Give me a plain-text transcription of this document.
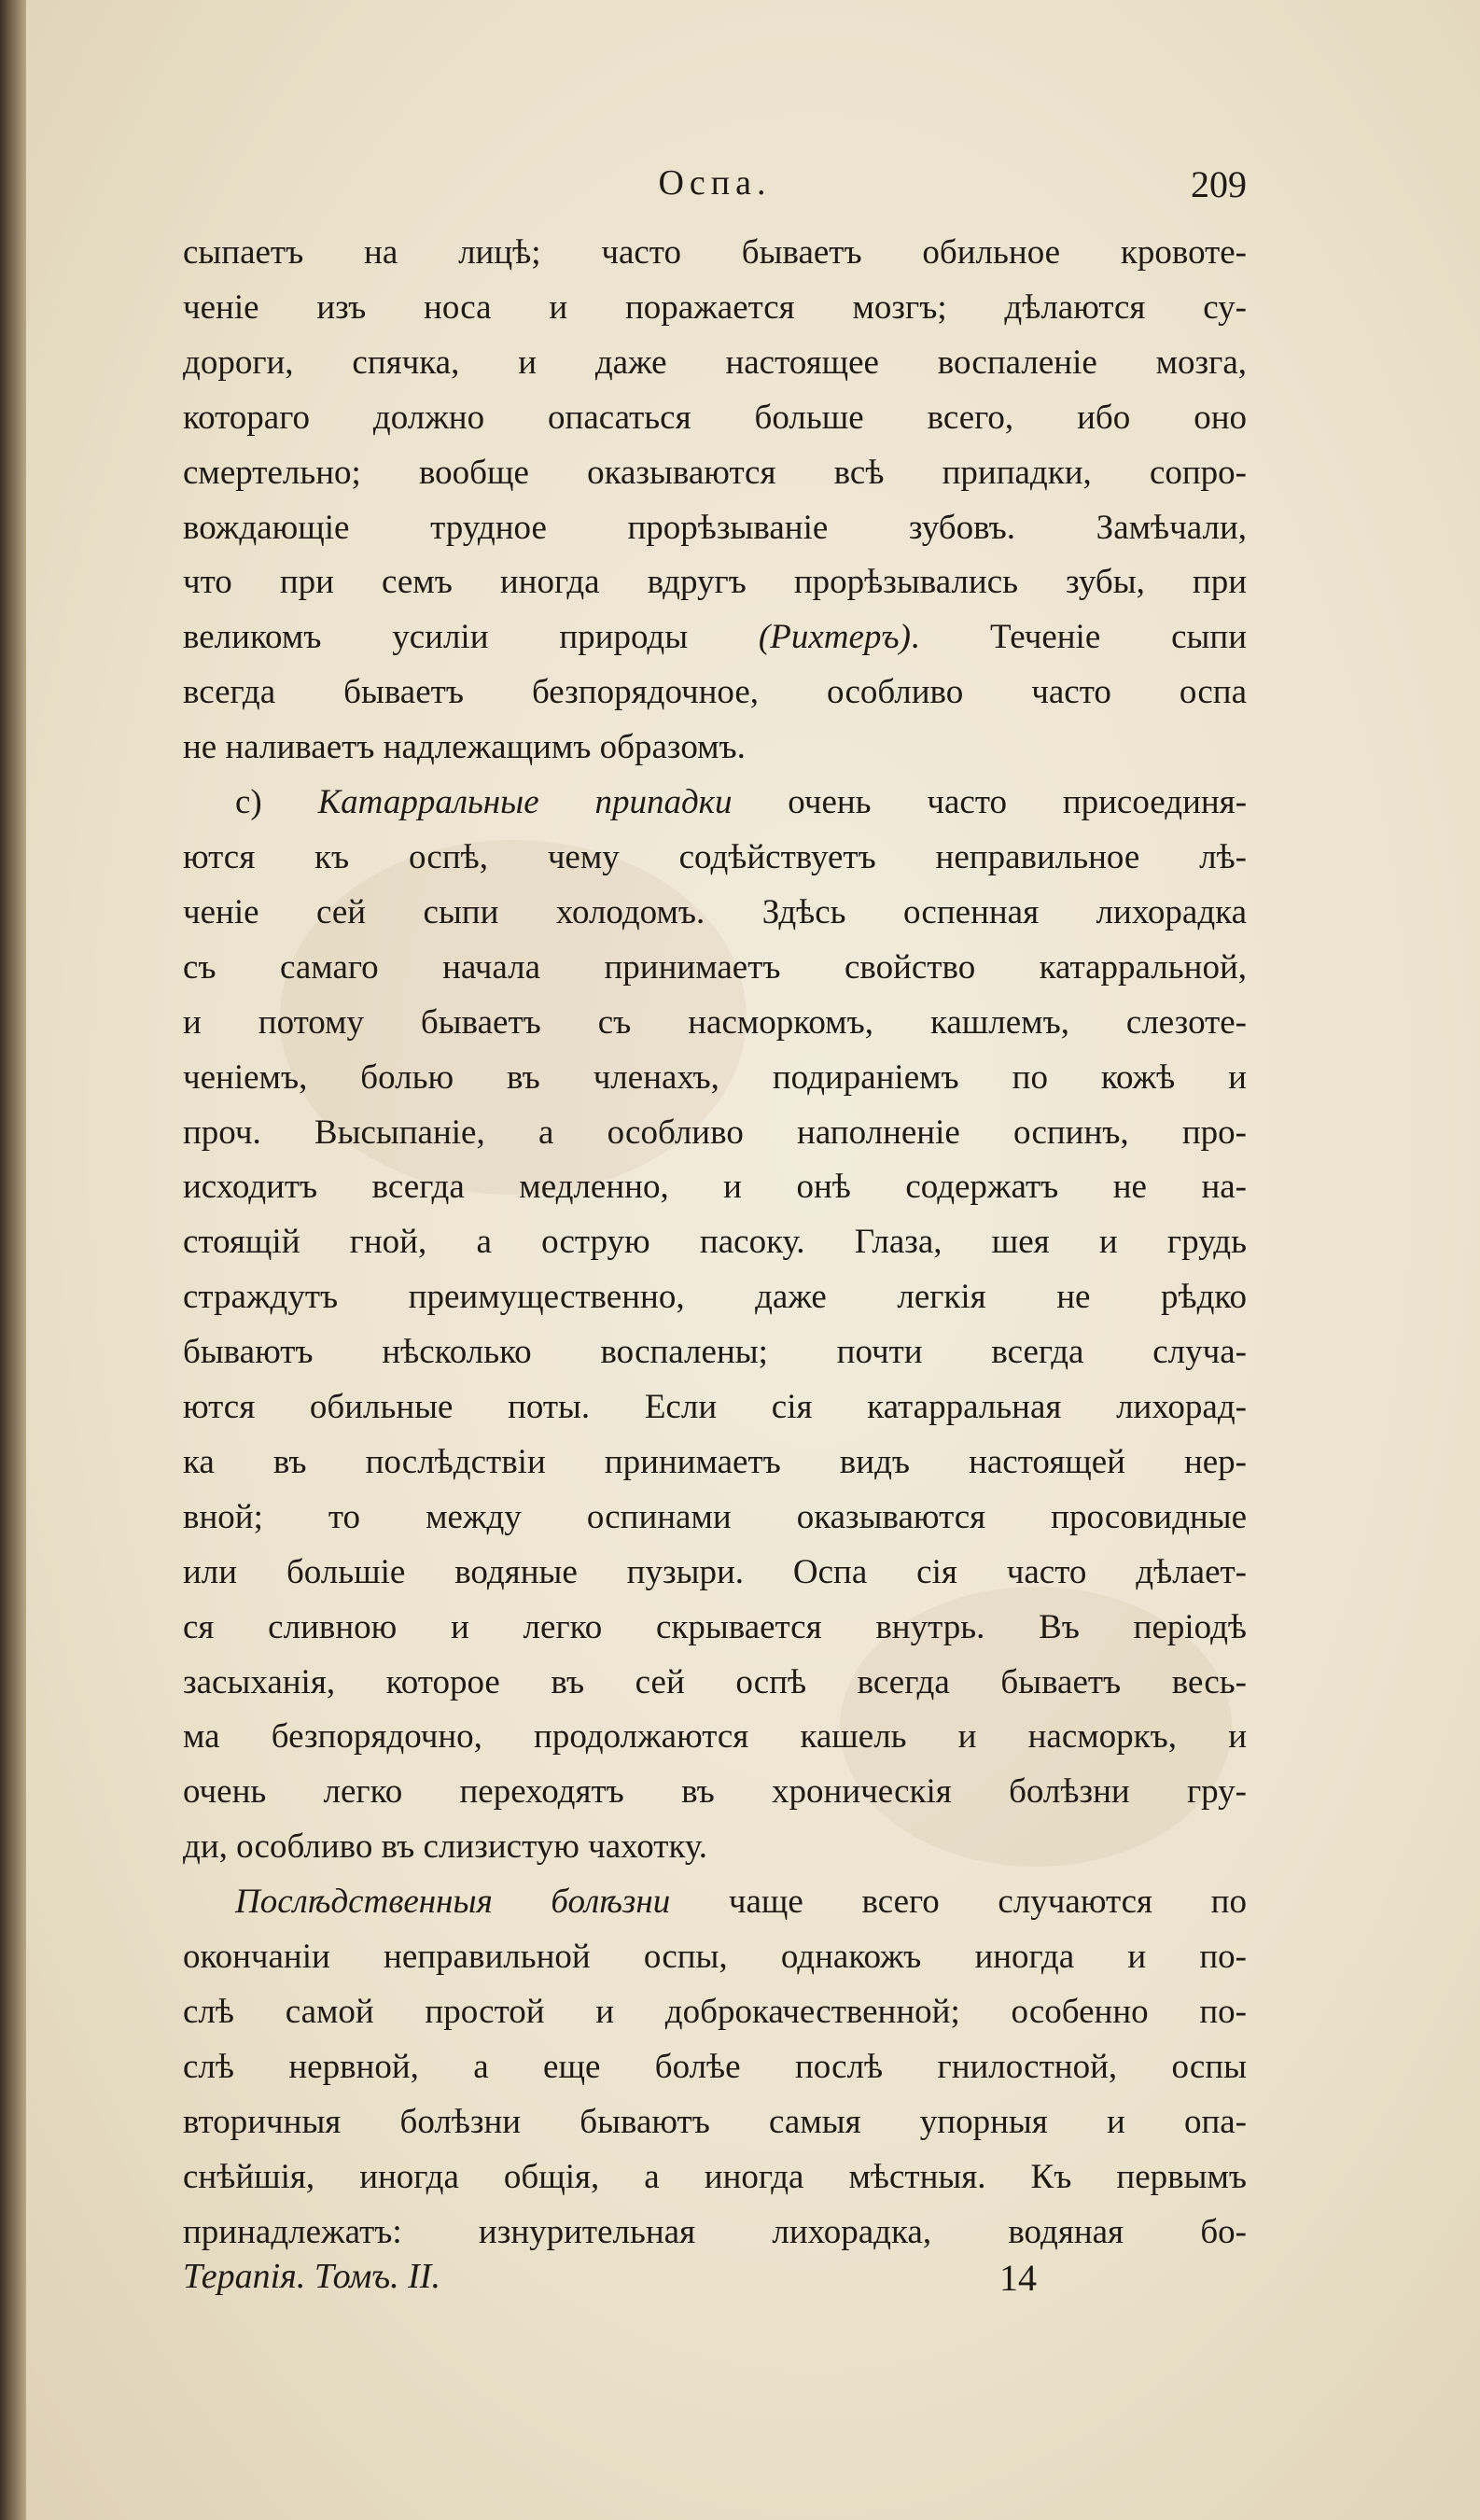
Оспа.	209
сыпаетъ на лицѣ; часто бываетъ обильное кровоте-
ченіе изъ носа и поражается мозгъ; дѣлаются су-
дороги, спячка, и даже настоящее воспаленіе мозга,
котораго должно опасаться больше всего, ибо оно
смертельно; вообще оказываются всѣ припадки, сопро-
вождающіе трудное прорѣзываніе зубовъ. Замѣчали,
что при семъ иногда вдругъ прорѣзывались зубы, при
великомъ усиліи природы (Рихтеръ). Теченіе сыпи
всегда бываетъ безпорядочное, особливо часто оспа
не наливаетъ надлежащимъ образомъ.
c) Катарральные припадки очень часто присоединя-
ются къ оспѣ, чему содѣйствуетъ неправильное лѣ-
ченіе сей сыпи холодомъ. Здѣсь оспенная лихорадка
съ самаго начала принимаетъ свойство катарральной,
и потому бываетъ съ насморкомъ, кашлемъ, слезоте-
ченіемъ, болью въ членахъ, подираніемъ по кожѣ и
проч. Высыпаніе, а особливо наполненіе оспинъ, про-
исходитъ всегда медленно, и онѣ содержатъ не на-
стоящій гной, а острую пасоку. Глаза, шея и грудь
страждутъ преимущественно, даже легкія не рѣдко
бываютъ нѣсколько воспалены; почти всегда случа-
ются обильные поты. Если сія катарральная лихорад-
ка въ послѣдствіи принимаетъ видъ настоящей нер-
вной; то между оспинами оказываются просовидные
или большіе водяные пузыри. Оспа сія часто дѣлает-
ся сливною и легко скрывается внутрь. Въ періодѣ
засыханія, которое въ сей оспѣ всегда бываетъ весь-
ма безпорядочно, продолжаются кашель и насморкъ, и
очень легко переходятъ въ хроническія болѣзни гру-
ди, особливо въ слизистую чахотку.
Послѣдственныя болѣзни чаще всего случаются по
окончаніи неправильной оспы, однакожъ иногда и по-
слѣ самой простой и доброкачественной; особенно по-
слѣ нервной, а еще болѣе послѣ гнилостной, оспы
вторичныя болѣзни бываютъ самыя упорныя и опа-
снѣйшія, иногда общія, а иногда мѣстныя. Къ первымъ
принадлежатъ: изнурительная лихорадка, водяная бо-
Терапія. Томъ. II.	14
